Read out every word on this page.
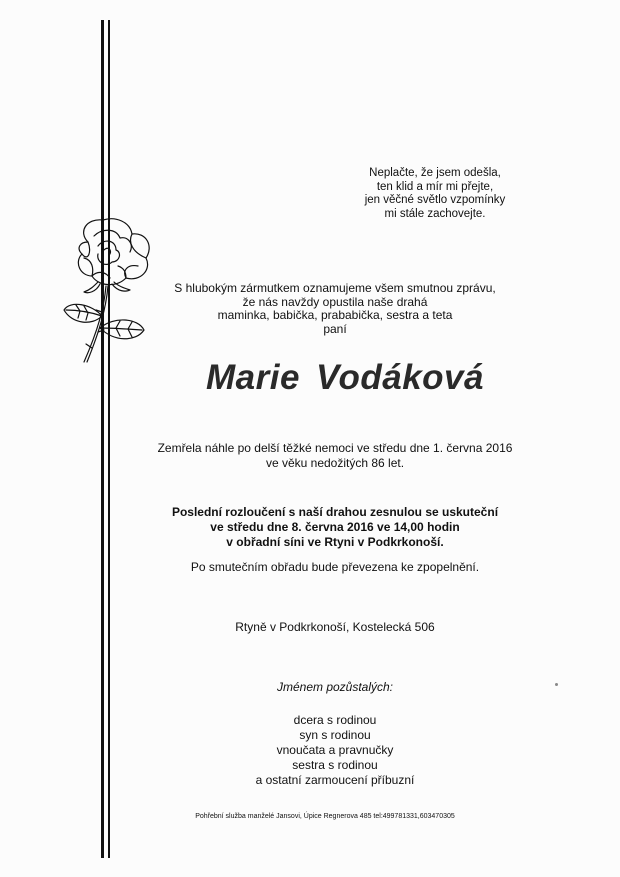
Neplačte, že jsem odešla,
ten klid a mír mi přejte,
jen věčné světlo vzpomínky
mi stále zachovejte.
S hlubokým zármutkem oznamujeme všem smutnou zprávu,
že nás navždy opustila naše drahá
maminka, babička, prababička, sestra a teta
paní
Marie Vodáková
Zemřela náhle po delší těžké nemoci ve středu dne 1. června 2016
ve věku nedožitých 86 let.
Poslední rozloučení s naší drahou zesnulou se uskuteční
ve středu dne 8. června 2016 ve 14,00 hodin
v obřadní síni ve Rtyni v Podkrkonoší.
Po smutečním obřadu bude převezena ke zpopelnění.
Rtyně v Podkrkonoší, Kostelecká 506
Jménem pozůstalých:
dcera s rodinou
syn s rodinou
vnoučata a pravnučky
sestra s rodinou
a ostatní zarmoucení příbuzní
Pohřební služba manželé Jansovi, Úpice Regnerova 485 tel:499781331,603470305
